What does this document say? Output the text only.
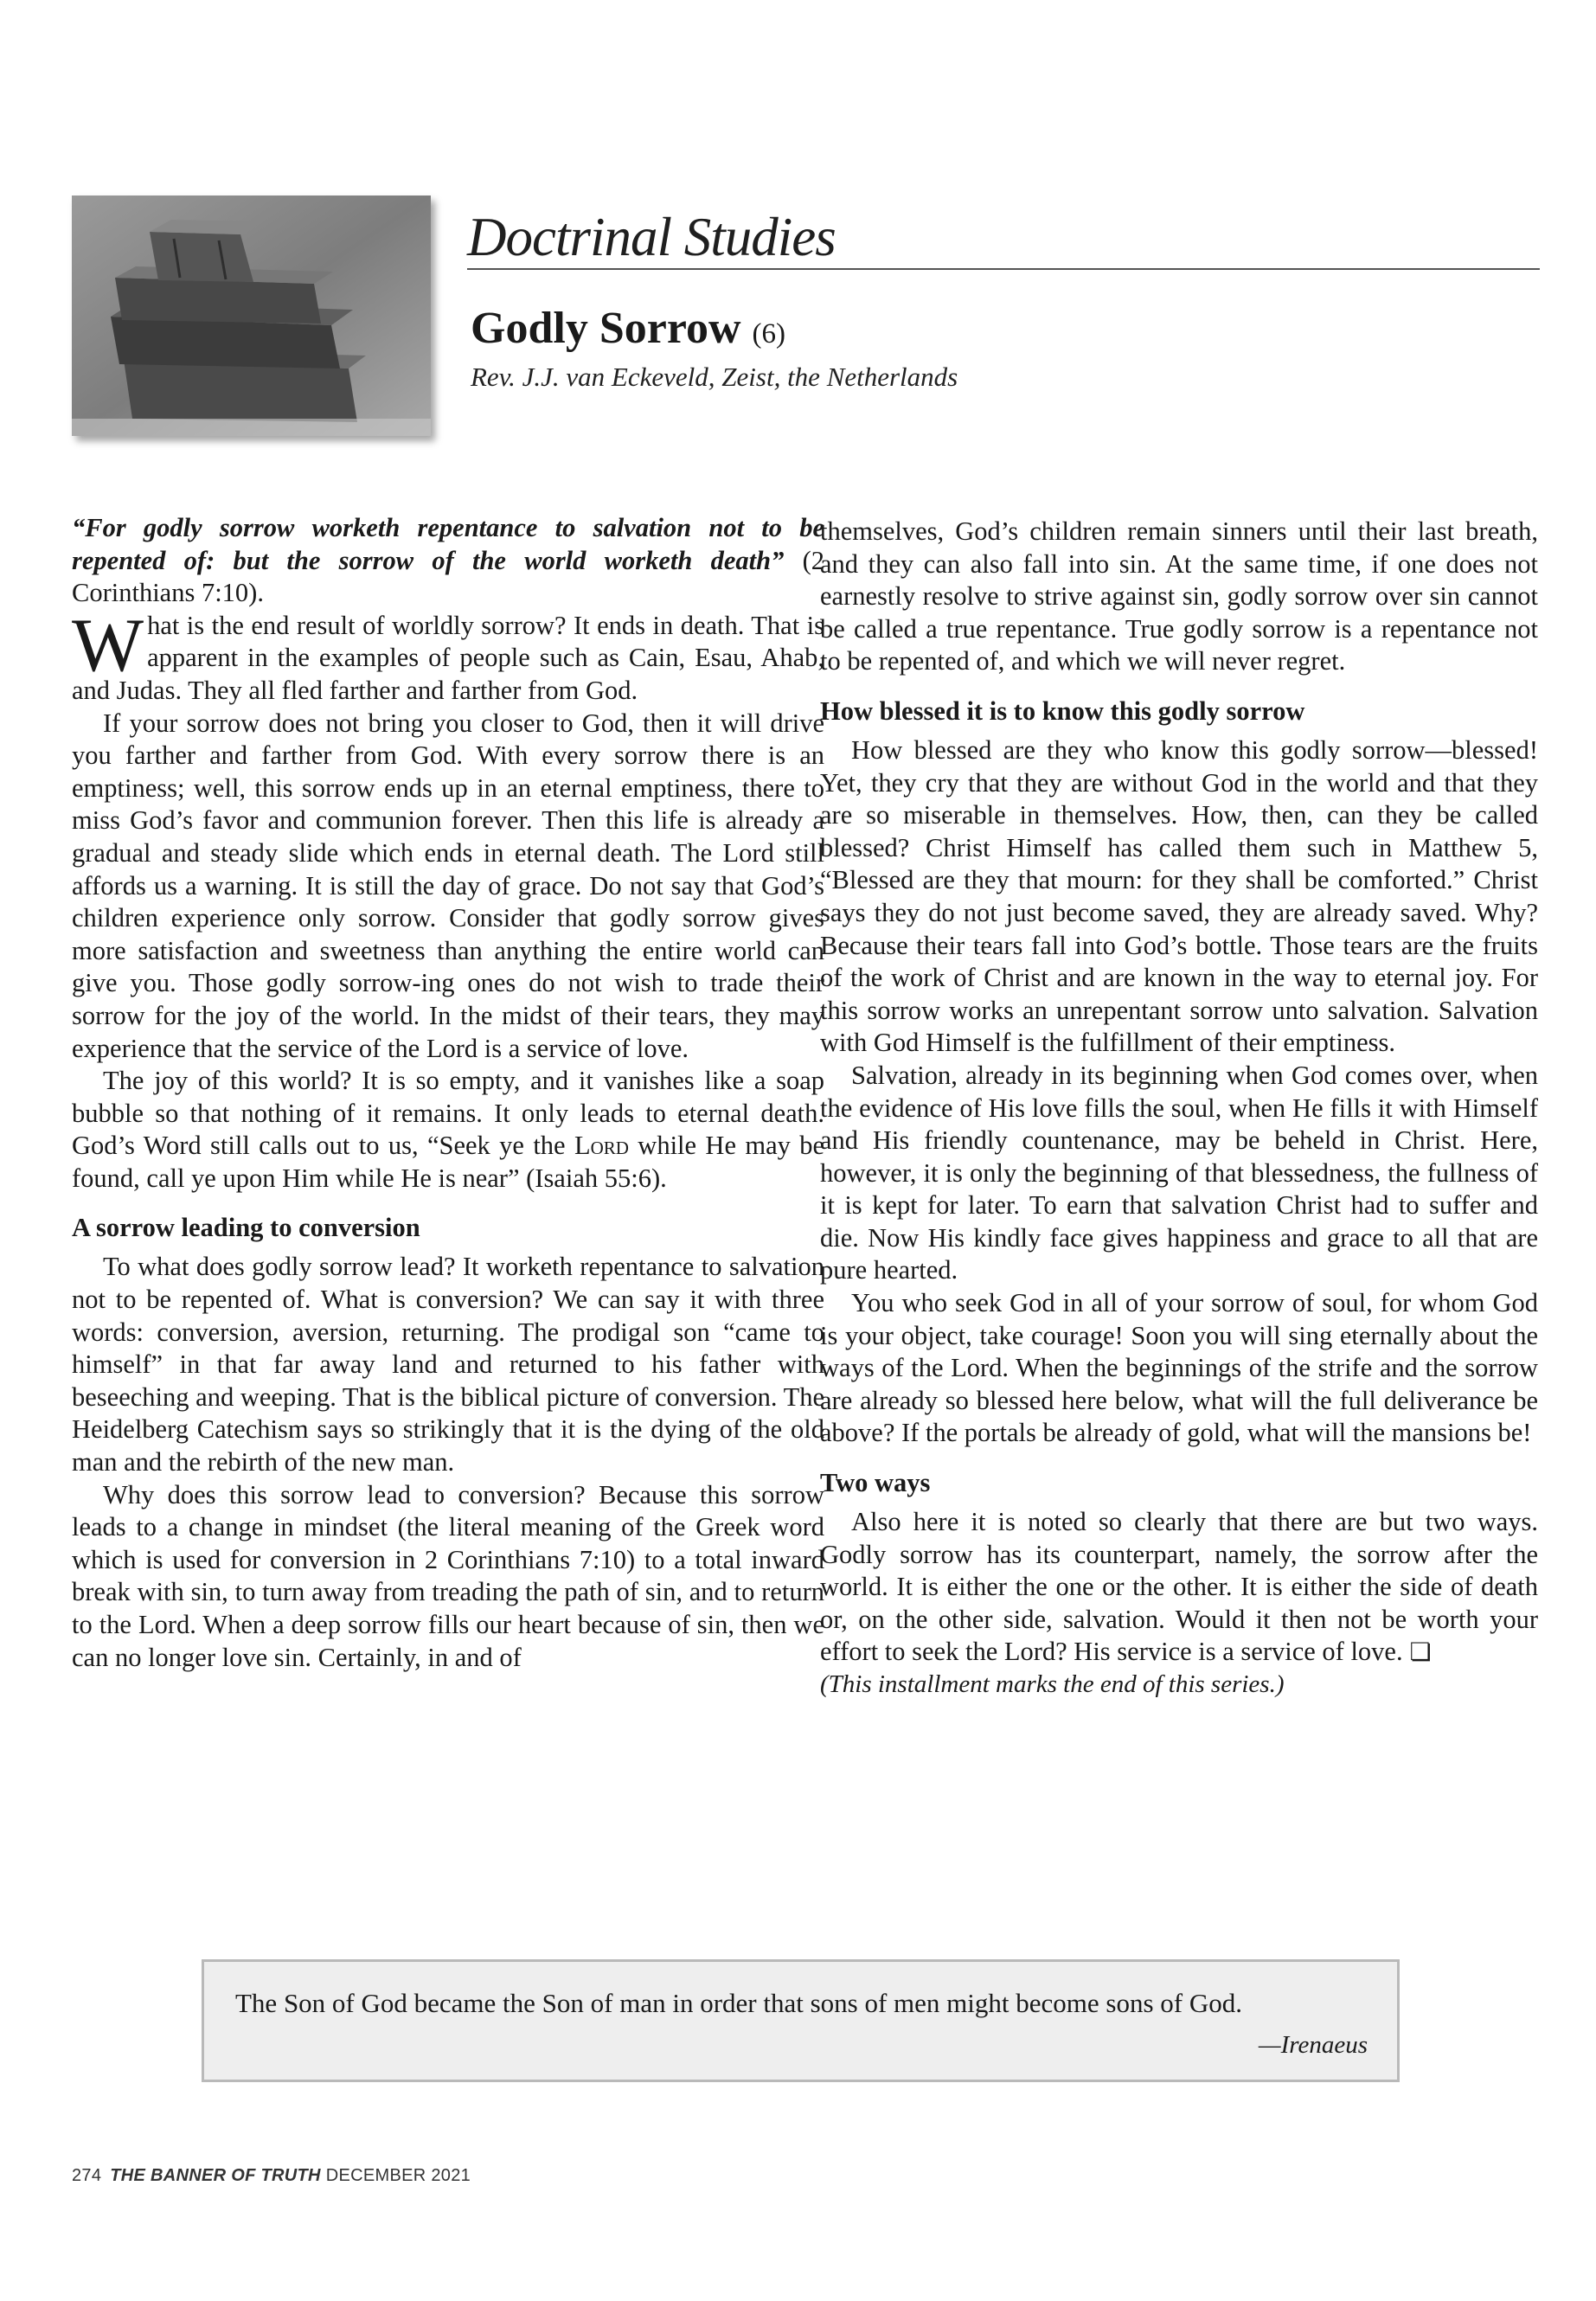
Doctrinal Studies
Godly Sorrow (6)
Rev. J.J. van Eckeveld, Zeist, the Netherlands

“For godly sorrow worketh repentance to salvation not to be repented of: but the sorrow of the world worketh death” (2 Corinthians 7:10).

What is the end result of worldly sorrow? It ends in death. That is apparent in the examples of people such as Cain, Esau, Ahab, and Judas. They all fled farther and farther from God.

If your sorrow does not bring you closer to God, then it will drive you farther and farther from God. With every sorrow there is an emptiness; well, this sorrow ends up in an eternal emptiness, there to miss God’s favor and communion forever. Then this life is already a gradual and steady slide which ends in eternal death. The Lord still affords us a warning. It is still the day of grace. Do not say that God’s children experience only sorrow. Consider that godly sorrow gives more satisfaction and sweetness than anything the entire world can give you. Those godly sorrow-ing ones do not wish to trade their sorrow for the joy of the world. In the midst of their tears, they may experience that the service of the Lord is a service of love.

The joy of this world? It is so empty, and it vanishes like a soap bubble so that nothing of it remains. It only leads to eternal death. God’s Word still calls out to us, “Seek ye the Lord while He may be found, call ye upon Him while He is near” (Isaiah 55:6).

A sorrow leading to conversion

To what does godly sorrow lead? It worketh repentance to salvation not to be repented of. What is conversion? We can say it with three words: conversion, aversion, returning. The prodigal son “came to himself” in that far away land and returned to his father with beseeching and weeping. That is the biblical picture of conversion. The Heidelberg Catechism says so strikingly that it is the dying of the old man and the rebirth of the new man.

Why does this sorrow lead to conversion? Because this sorrow leads to a change in mindset (the literal meaning of the Greek word which is used for conversion in 2 Corinthians 7:10) to a total inward break with sin, to turn away from treading the path of sin, and to return to the Lord. When a deep sorrow fills our heart because of sin, then we can no longer love sin. Certainly, in and of

themselves, God’s children remain sinners until their last breath, and they can also fall into sin. At the same time, if one does not earnestly resolve to strive against sin, godly sorrow over sin cannot be called a true repentance. True godly sorrow is a repentance not to be repented of, and which we will never regret.

How blessed it is to know this godly sorrow

How blessed are they who know this godly sorrow—blessed! Yet, they cry that they are without God in the world and that they are so miserable in themselves. How, then, can they be called blessed? Christ Himself has called them such in Matthew 5, “Blessed are they that mourn: for they shall be comforted.” Christ says they do not just become saved, they are already saved. Why? Because their tears fall into God’s bottle. Those tears are the fruits of the work of Christ and are known in the way to eternal joy. For this sorrow works an unrepentant sorrow unto salvation. Salvation with God Himself is the fulfillment of their emptiness.

Salvation, already in its beginning when God comes over, when the evidence of His love fills the soul, when He fills it with Himself and His friendly countenance, may be beheld in Christ. Here, however, it is only the beginning of that blessedness, the fullness of it is kept for later. To earn that salvation Christ had to suffer and die. Now His kindly face gives happiness and grace to all that are pure hearted.

You who seek God in all of your sorrow of soul, for whom God is your object, take courage! Soon you will sing eternally about the ways of the Lord. When the beginnings of the strife and the sorrow are already so blessed here below, what will the full deliverance be above? If the portals be already of gold, what will the mansions be!

Two ways

Also here it is noted so clearly that there are but two ways. Godly sorrow has its counterpart, namely, the sorrow after the world. It is either the one or the other. It is either the side of death or, on the other side, salvation. Would it then not be worth your effort to seek the Lord? His service is a service of love. ❏

(This installment marks the end of this series.)

The Son of God became the Son of man in order that sons of men might become sons of God.
—Irenaeus
274 THE BANNER OF TRUTH DECEMBER 2021
